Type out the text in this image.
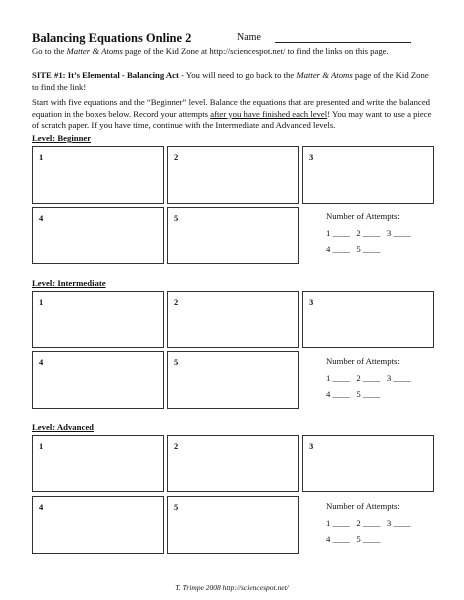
Balancing Equations Online 2	Name
Go to the Matter & Atoms page of the Kid Zone at http://sciencespot.net/ to find the links on this page.
SITE #1: It’s Elemental - Balancing Act - You will need to go back to the Matter & Atoms page of the Kid Zone to find the link!
Start with five equations and the “Beginner” level. Balance the equations that are presented and write the balanced equation in the boxes below. Record your attempts after you have finished each level! You may want to use a piece of scratch paper. If you have time, continue with the Intermediate and Advanced levels.
Level: Beginner
1	2	3
4	5	Number of Attempts:
1 ____   2 ____   3 ____
4 ____   5 ____
Level: Intermediate
1	2	3
4	5	Number of Attempts:
1 ____   2 ____   3 ____
4 ____   5 ____
Level: Advanced
1	2	3
4	5	Number of Attempts:
1 ____   2 ____   3 ____
4 ____   5 ____
T. Trimpe 2008 http://sciencespot.net/
